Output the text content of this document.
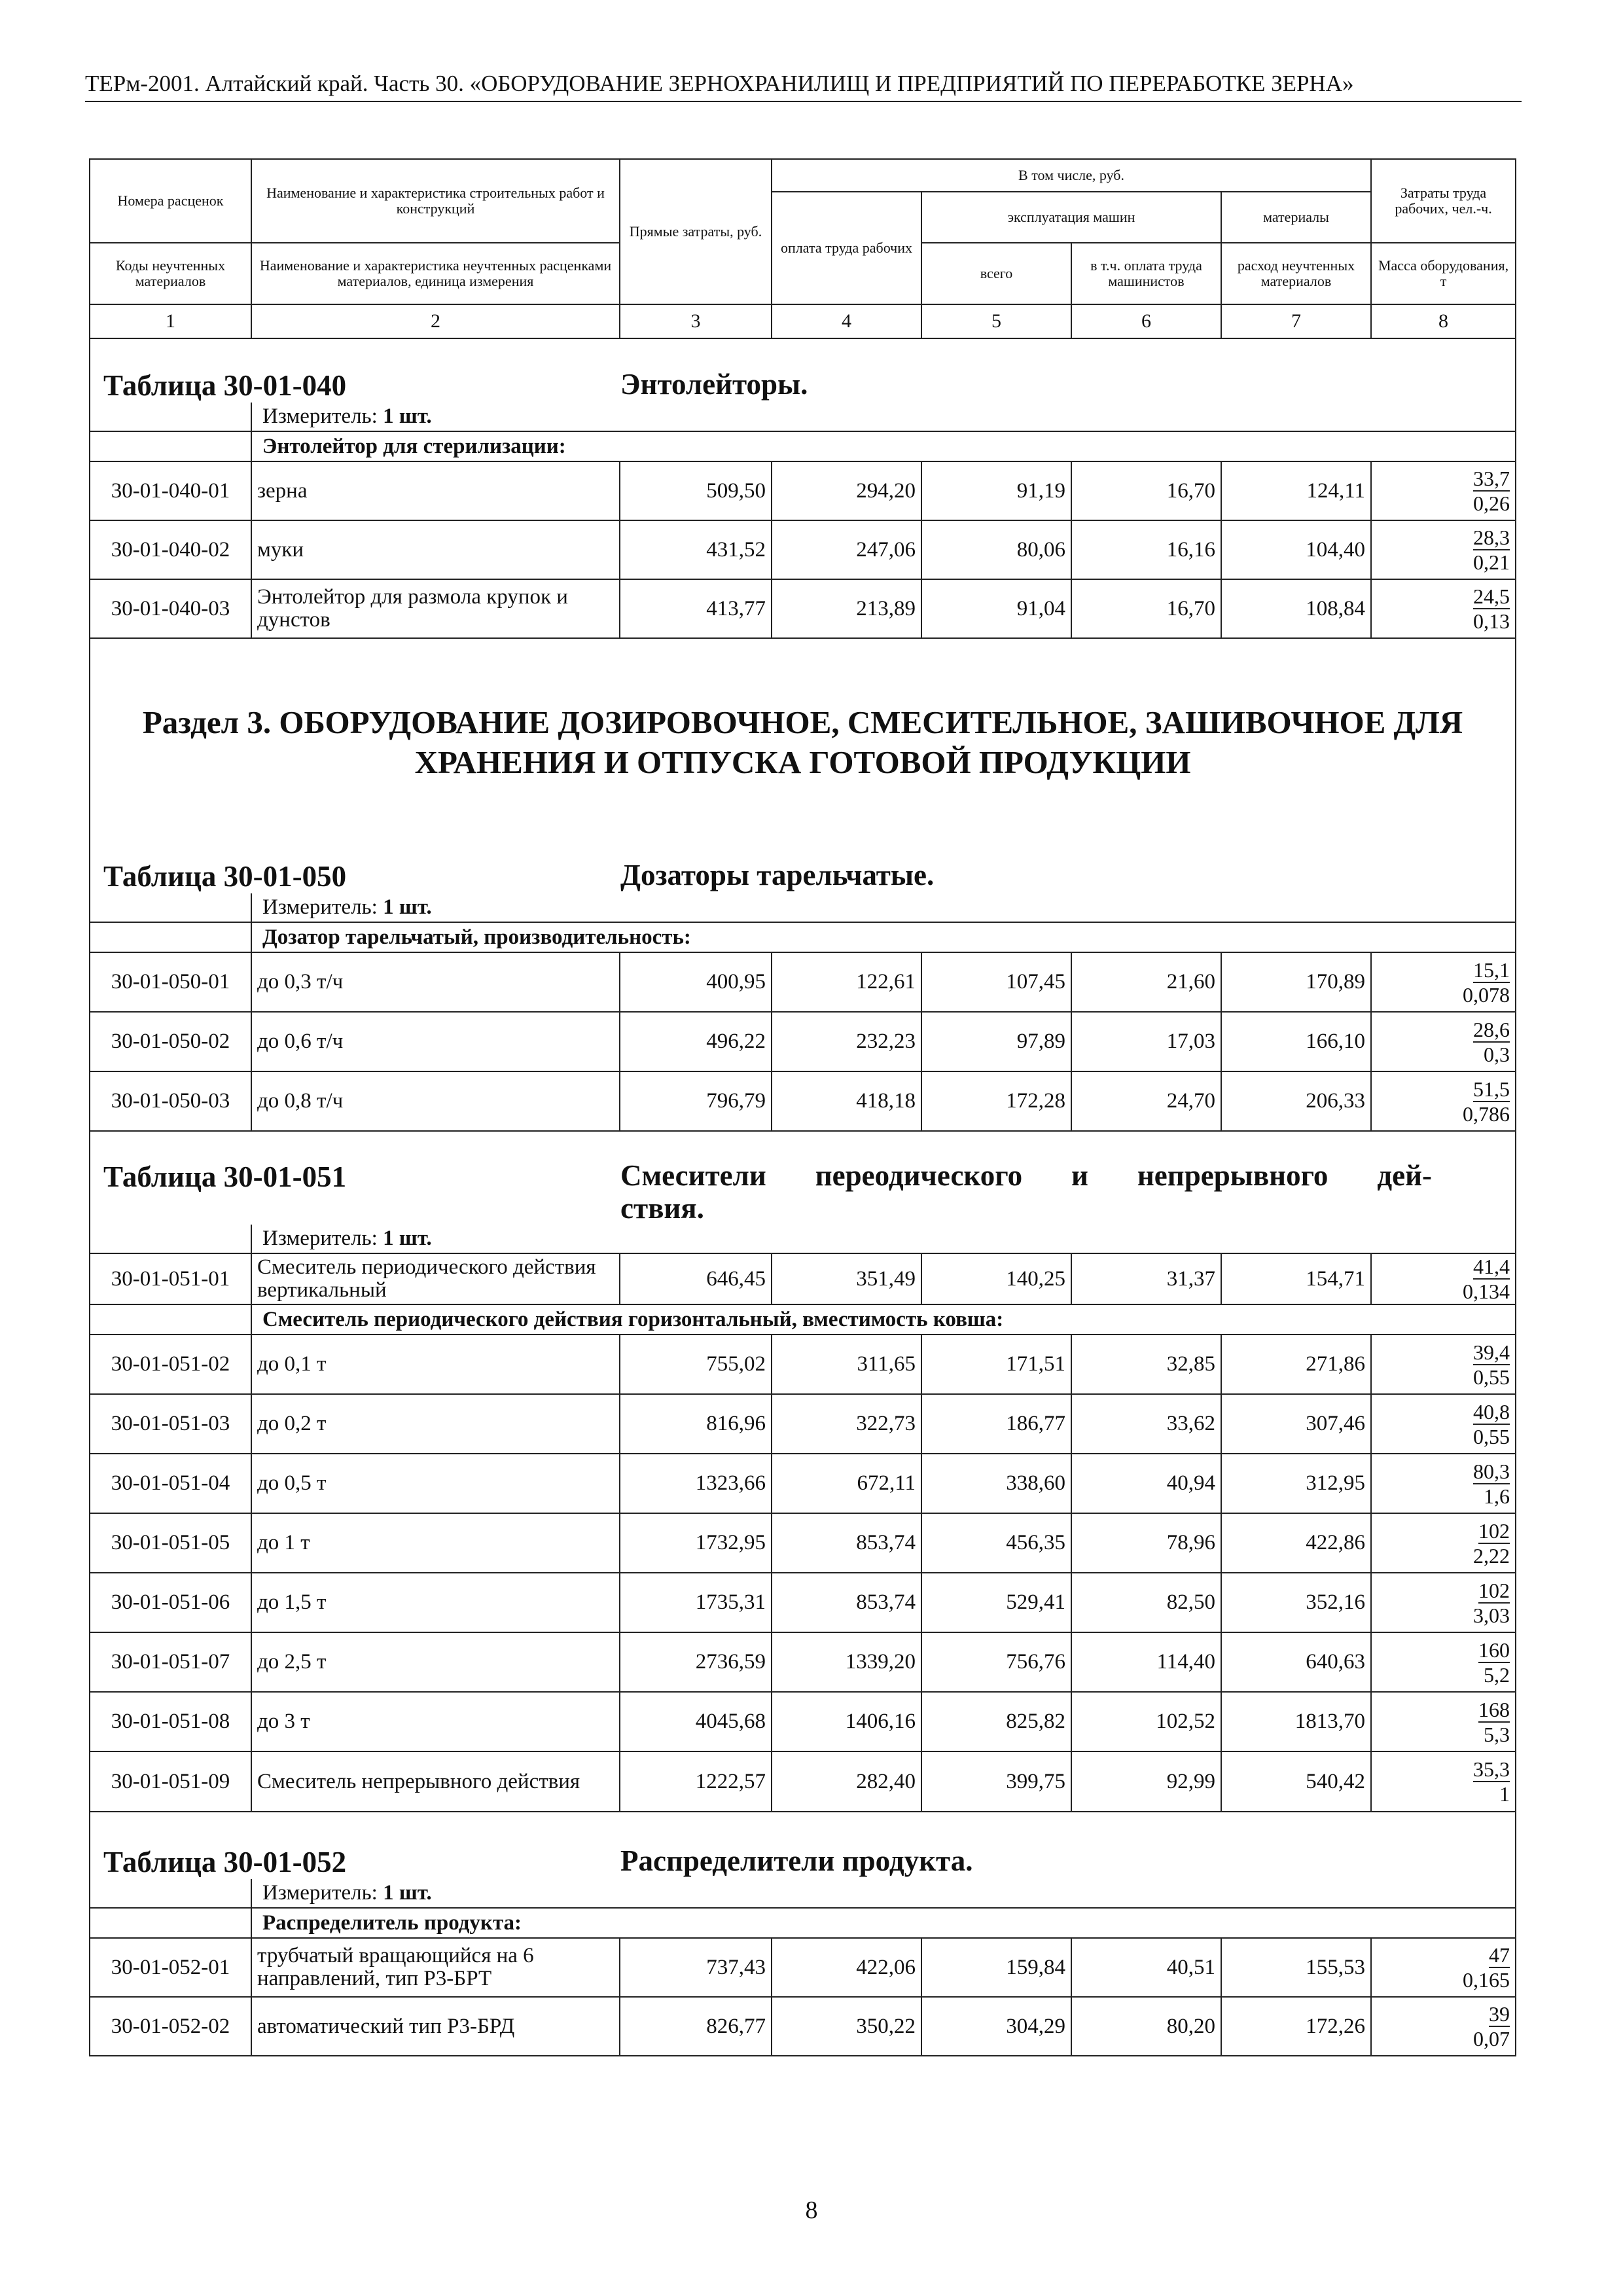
ТЕРм-2001. Алтайский край. Часть 30. «ОБОРУДОВАНИЕ ЗЕРНОХРАНИЛИЩ И ПРЕДПРИЯТИЙ ПО ПЕРЕРАБОТКЕ ЗЕРНА»
Номера расценок	Наименование и характеристика строительных работ и конструкций	Прямые затраты, руб.	В том числе, руб.				Затраты труда рабочих, чел.-ч.
			оплата труда рабочих	эксплуатация машин		материалы	
Коды неучтенных материалов	Наименование и характеристика неучтенных расценками материалов, единица измерения			всего	в т.ч. оплата труда машинистов	расход неучтенных материалов	Масса оборудования, т
1	2	3	4	5	6	7	8

Таблица 30-01-040 Энтолейторы.							

	Измеритель: 1 шт.						
	Энтолейтор для стерилизации:						
30-01-040-01	зерна	509,50	294,20	91,19	16,70	124,11	33,7
0,26

30-01-040-02	муки	431,52	247,06	80,06	16,16	104,40	28,3
0,21

30-01-040-03	Энтолейтор для размола крупок и дунстов	413,77	213,89	91,04	16,70	108,84	24,5
0,13

Раздел 3. ОБОРУДОВАНИЕ ДОЗИРОВОЧНОЕ, СМЕСИТЕЛЬНОЕ, ЗАШИВОЧНОЕ ДЛЯ
ХРАНЕНИЯ И ОТПУСКА ГОТОВОЙ ПРОДУКЦИИ							

Таблица 30-01-050 Дозаторы тарельчатые.							

	Измеритель: 1 шт.						
	Дозатор тарельчатый, производительность:						
30-01-050-01	до 0,3 т/ч	400,95	122,61	107,45	21,60	170,89	15,1
0,078

30-01-050-02	до 0,6 т/ч	496,22	232,23	97,89	17,03	166,10	28,6
0,3

30-01-050-03	до 0,8 т/ч	796,79	418,18	172,28	24,70	206,33	51,5
0,786

Таблица 30-01-051 Смесители переодического и непрерывного дей-
ствия.							

	Измеритель: 1 шт.						
30-01-051-01	Смеситель периодического действия вертикальный	646,45	351,49	140,25	31,37	154,71	41,4
0,134

	Смеситель периодического действия горизонтальный, вместимость ковша:						
30-01-051-02	до 0,1 т	755,02	311,65	171,51	32,85	271,86	39,4
0,55

30-01-051-03	до 0,2 т	816,96	322,73	186,77	33,62	307,46	40,8
0,55

30-01-051-04	до 0,5 т	1323,66	672,11	338,60	40,94	312,95	80,3
1,6

30-01-051-05	до 1 т	1732,95	853,74	456,35	78,96	422,86	102
2,22

30-01-051-06	до 1,5 т	1735,31	853,74	529,41	82,50	352,16	102
3,03

30-01-051-07	до 2,5 т	2736,59	1339,20	756,76	114,40	640,63	160
5,2

30-01-051-08	до 3 т	4045,68	1406,16	825,82	102,52	1813,70	168
5,3

30-01-051-09	Смеситель непрерывного действия	1222,57	282,40	399,75	92,99	540,42	35,3
1

Таблица 30-01-052 Распределители продукта.							

	Измеритель: 1 шт.						
	Распределитель продукта:						
30-01-052-01	трубчатый вращающийся на 6 направлений, тип Р3-БРТ	737,43	422,06	159,84	40,51	155,53	47
0,165

30-01-052-02	автоматический тип Р3-БРД	826,77	350,22	304,29	80,20	172,26	39
0,07
8
